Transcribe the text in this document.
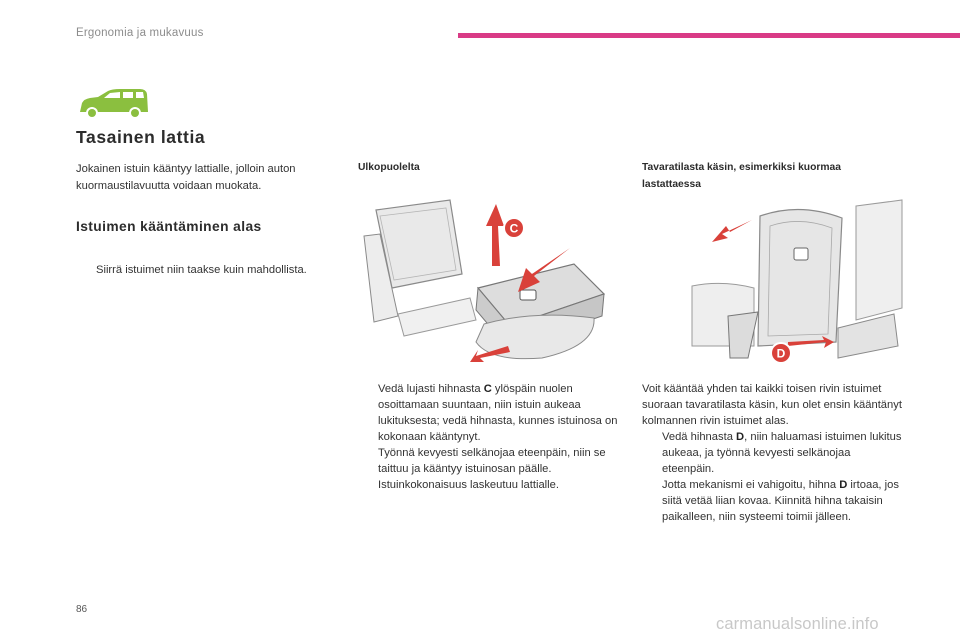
Ergonomia ja mukavuus
Tasainen lattia
Jokainen istuin kääntyy lattialle, jolloin auton kuormaustilavuutta voidaan muokata.
Istuimen kääntäminen alas
Siirrä istuimet niin taakse kuin mahdollista.
Ulkopuolelta
C
Vedä lujasti hihnasta C ylöspäin nuolen osoittamaan suuntaan, niin istuin aukeaa lukituksesta; vedä hihnasta, kunnes istuinosa on kokonaan kääntynyt.
Työnnä kevyesti selkänojaa eteenpäin, niin se taittuu ja kääntyy istuinosan päälle.
Istuinkokonaisuus laskeutuu lattialle.
Tavaratilasta käsin, esimerkiksi kuormaa lastattaessa
D
Voit kääntää yhden tai kaikki toisen rivin istuimet suoraan tavaratilasta käsin, kun olet ensin kääntänyt kolmannen rivin istuimet alas.
Vedä hihnasta D, niin haluamasi istuimen lukitus aukeaa, ja työnnä kevyesti selkänojaa eteenpäin.
Jotta mekanismi ei vahigoitu, hihna D irtoaa, jos siitä vetää liian kovaa. Kiinnitä hihna takaisin paikalleen, niin systeemi toimii jälleen.
86
carmanualsonline.info
